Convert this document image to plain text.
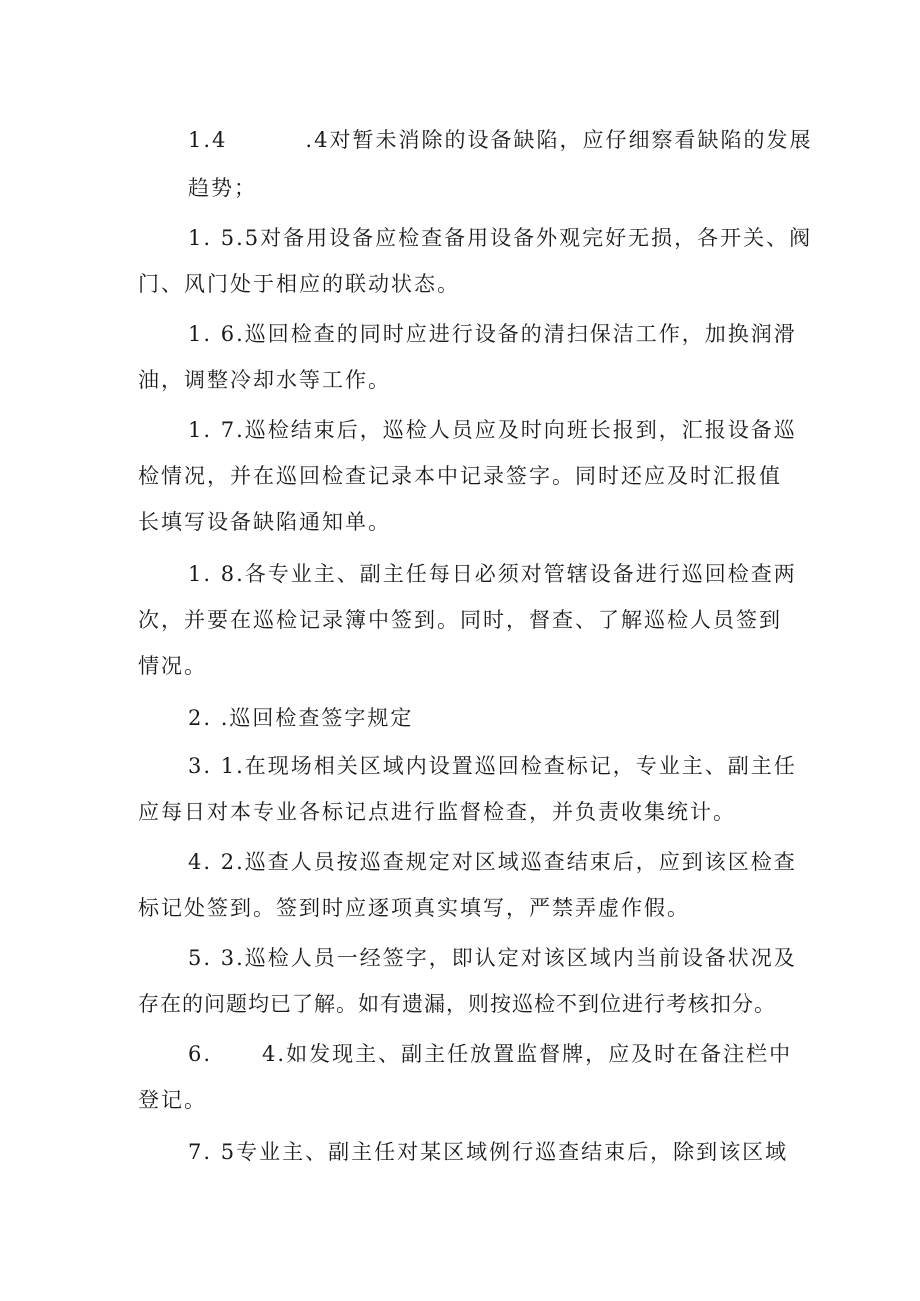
1.4	.4对暂未消除的设备缺陷，应仔细察看缺陷的发展
趋势；
1. 5.5对备用设备应检查备用设备外观完好无损，各开关、阀
门、风门处于相应的联动状态。
1. 6.巡回检查的同时应进行设备的清扫保洁工作，加换润滑
油，调整冷却水等工作。
1. 7.巡检结束后，巡检人员应及时向班长报到，汇报设备巡
检情况，并在巡回检查记录本中记录签字。同时还应及时汇报值
长填写设备缺陷通知单。
1. 8.各专业主、副主任每日必须对管辖设备进行巡回检查两
次，并要在巡检记录簿中签到。同时，督查、了解巡检人员签到
情况。
2. .巡回检查签字规定
3. 1.在现场相关区域内设置巡回检查标记，专业主、副主任
应每日对本专业各标记点进行监督检查，并负责收集统计。
4. 2.巡查人员按巡查规定对区域巡查结束后，应到该区检查
标记处签到。签到时应逐项真实填写，严禁弄虚作假。
5. 3.巡检人员一经签字，即认定对该区域内当前设备状况及
存在的问题均已了解。如有遗漏，则按巡检不到位进行考核扣分。
6. 4.如发现主、副主任放置监督牌，应及时在备注栏中
登记。
7. 5专业主、副主任对某区域例行巡查结束后，除到该区域
